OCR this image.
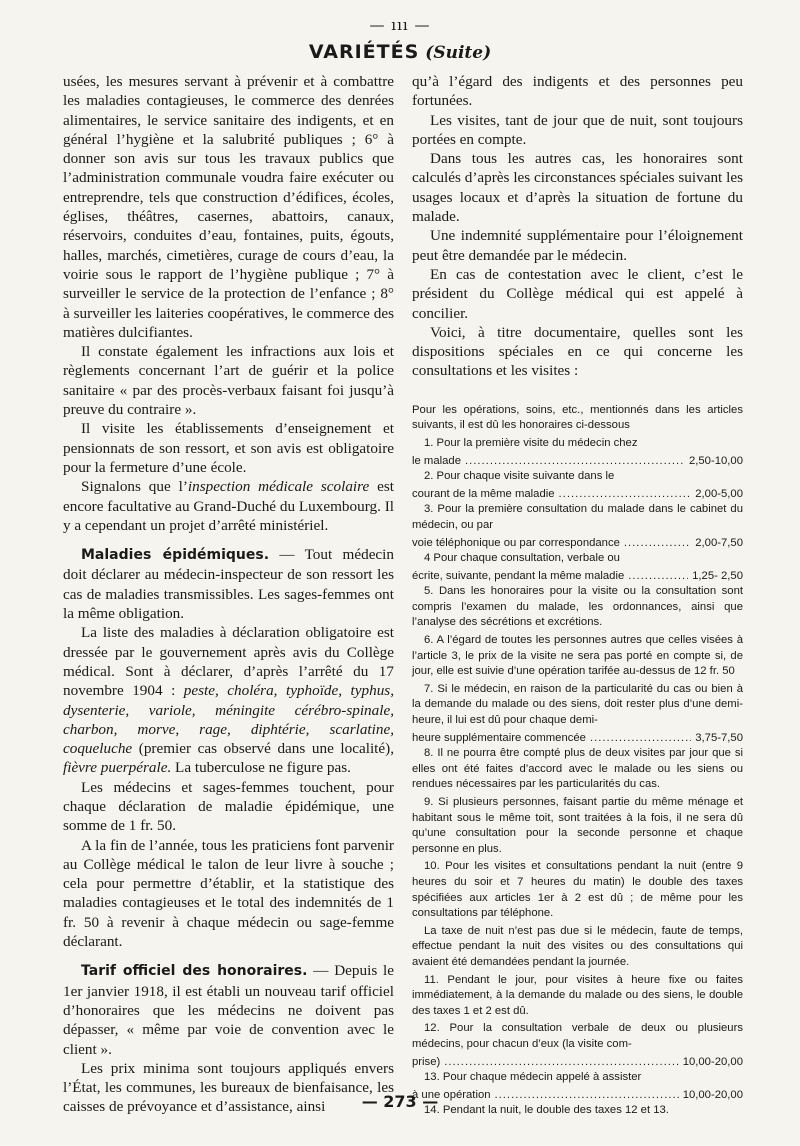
— ııı —
VARIÉTÉS (Suite)

usées, les mesures servant à prévenir et à combattre les maladies contagieuses, le commerce des denrées alimentaires, le service sanitaire des indigents, et en général l’hygiène et la salubrité publiques ; 6° à donner son avis sur tous les travaux publics que l’administration communale voudra faire exécuter ou entreprendre, tels que construction d’édifices, écoles, églises, théâtres, casernes, abattoirs, canaux, réservoirs, conduites d’eau, fontaines, puits, égouts, halles, marchés, cimetières, curage de cours d’eau, la voirie sous le rapport de l’hygiène publique ; 7° à surveiller le service de la protection de l’enfance ; 8° à surveiller les laiteries coopératives, le commerce des matières dulcifiantes.

Il constate également les infractions aux lois et règlements concernant l’art de guérir et la police sanitaire « par des procès-verbaux faisant foi jusqu’à preuve du contraire ».

Il visite les établissements d’enseignement et pensionnats de son ressort, et son avis est obligatoire pour la fermeture d’une école.

Signalons que l’inspection médicale scolaire est encore facultative au Grand-Duché du Luxembourg. Il y a cependant un projet d’arrêté ministériel.

Maladies épidémiques. — Tout médecin doit déclarer au médecin-inspecteur de son ressort les cas de maladies transmissibles. Les sages-femmes ont la même obligation.

La liste des maladies à déclaration obligatoire est dressée par le gouvernement après avis du Collège médical. Sont à déclarer, d’après l’arrêté du 17 novembre 1904 : peste, choléra, typhoïde, typhus, dysenterie, variole, méningite cérébro-spinale, charbon, morve, rage, diphtérie, scarlatine, coqueluche (premier cas observé dans une localité), fièvre puerpérale. La tuberculose ne figure pas.

Les médecins et sages-femmes touchent, pour chaque déclaration de maladie épidémique, une somme de 1 fr. 50.

A la fin de l’année, tous les praticiens font parvenir au Collège médical le talon de leur livre à souche ; cela pour permettre d’établir, et la statistique des maladies contagieuses et le total des indemnités de 1 fr. 50 à revenir à chaque médecin ou sage-femme déclarant.

Tarif officiel des honoraires. — Depuis le 1er janvier 1918, il est établi un nouveau tarif officiel d’honoraires que les médecins ne doivent pas dépasser, « même par voie de convention avec le client ».

Les prix minima sont toujours appliqués envers l’État, les communes, les bureaux de bienfaisance, les caisses de prévoyance et d’assistance, ainsi

qu’à l’égard des indigents et des personnes peu fortunées.

Les visites, tant de jour que de nuit, sont toujours portées en compte.

Dans tous les autres cas, les honoraires sont calculés d’après les circonstances spéciales suivant les usages locaux et d’après la situation de fortune du malade.

Une indemnité supplémentaire pour l’éloignement peut être demandée par le médecin.

En cas de contestation avec le client, c’est le président du Collège médical qui est appelé à concilier.

Voici, à titre documentaire, quelles sont les dispositions spéciales en ce qui concerne les consultations et les visites :

Pour les opérations, soins, etc., mentionnés dans les articles suivants, il est dû les honoraires ci-dessous

1. Pour la première visite du médecin chez

le malade .....	2,50-10,00

2. Pour chaque visite suivante dans le

courant de la même maladie .....	2,00-5,00

3. Pour la première consultation du malade dans le cabinet du médecin, ou par

voie téléphonique ou par correspondance .....	2,00-7,50

4 Pour chaque consultation, verbale ou

écrite, suivante, pendant la même maladie .....	1,25- 2,50

5. Dans les honoraires pour la visite ou la consultation sont compris l’examen du malade, les ordonnances, ainsi que l’analyse des sécrétions et excrétions.

6. A l’égard de toutes les personnes autres que celles visées à l’article 3, le prix de la visite ne sera pas porté en compte si, de jour, elle est suivie d’une opération tarifée au-dessus de 12 fr. 50

7. Si le médecin, en raison de la particularité du cas ou bien à la demande du malade ou des siens, doit rester plus d’une demi-heure, il lui est dû pour chaque demi-

heure supplémentaire commencée .....	3,75-7,50

8. Il ne pourra être compté plus de deux visites par jour que si elles ont été faites d’accord avec le malade ou les siens ou rendues nécessaires par les particularités du cas.

9. Si plusieurs personnes, faisant partie du même ménage et habitant sous le même toit, sont traitées à la fois, il ne sera dû qu’une consultation pour la seconde personne et chaque personne en plus.

10. Pour les visites et consultations pendant la nuit (entre 9 heures du soir et 7 heures du matin) le double des taxes spécifiées aux articles 1er à 2 est dû ; de même pour les consultations par téléphone.

La taxe de nuit n’est pas due si le médecin, faute de temps, effectue pendant la nuit des visites ou des consultations qui avaient été demandées pendant la journée.

11. Pendant le jour, pour visites à heure fixe ou faites immédiatement, à la demande du malade ou des siens, le double des taxes 1 et 2 est dû.

12. Pour la consultation verbale de deux ou plusieurs médecins, pour chacun d’eux (la visite com-

prise) .....	10,00-20,00

13. Pour chaque médecin appelé à assister

à une opération .....	10,00-20,00

14. Pendant la nuit, le double des taxes 12 et 13.

— 273 —
